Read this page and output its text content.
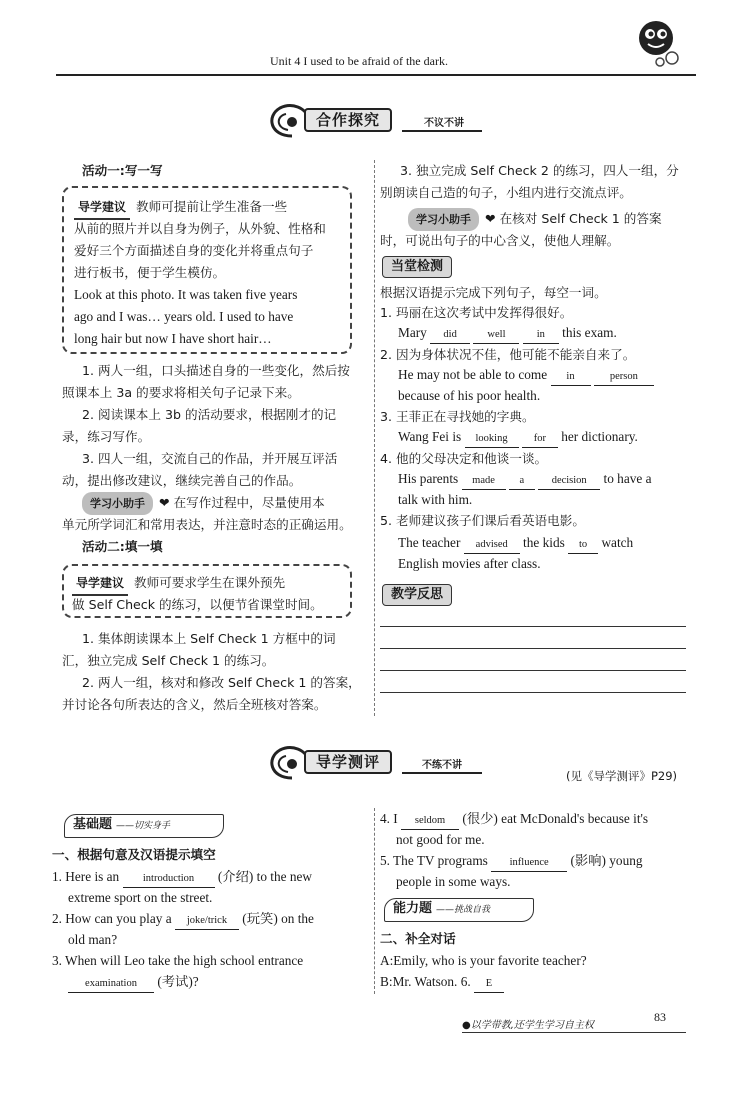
Unit 4 I used to be afraid of the dark.
合作探究	不议不讲
活动一:写一写
导学建议 教师可提前让学生准备一些
从前的照片并以自身为例子，从外貌、性格和
爱好三个方面描述自身的变化并将重点句子
进行板书，便于学生模仿。
Look at this photo. It was taken five years
ago and I was… years old. I used to have
long hair but now I have short hair…
1. 两人一组，口头描述自身的一些变化，然后按
照课本上 3a 的要求将相关句子记录下来。
2. 阅读课本上 3b 的活动要求，根据刚才的记
录，练习写作。
3. 四人一组，交流自己的作品，并开展互评活
动，提出修改建议，继续完善自己的作品。
学习小助手 ❤ 在写作过程中，尽量使用本
单元所学词汇和常用表达，并注意时态的正确运用。
活动二:填一填
导学建议 教师可要求学生在课外预先
做 Self Check 的练习，以便节省课堂时间。
1. 集体朗读课本上 Self Check 1 方框中的词
汇，独立完成 Self Check 1 的练习。
2. 两人一组，核对和修改 Self Check 1 的答案，
并讨论各句所表达的含义，然后全班核对答案。
3. 独立完成 Self Check 2 的练习，四人一组，分
别朗读自己造的句子，小组内进行交流点评。
学习小助手 ❤ 在核对 Self Check 1 的答案
时，可说出句子的中心含义，使他人理解。
当堂检测
根据汉语提示完成下列句子，每空一词。
1. 玛丽在这次考试中发挥得很好。
Mary did	well	in this exam.
2. 因为身体状况不佳，他可能不能亲自来了。
He may not be able to come in	person
because of his poor health.
3. 王菲正在寻找她的字典。
Wang Fei is looking for her dictionary.
4. 他的父母决定和他谈一谈。
His parents made a	decision to have a
talk with him.
5. 老师建议孩子们课后看英语电影。
The teacher advised the kids to watch
English movies after class.
教学反思
导学测评	不练不讲
(见《导学测评》P29)
基础题 ——切实身手
一、根据句意及汉语提示填空
1. Here is an introduction (介绍) to the new
extreme sport on the street.
2. How can you play a joke/trick (玩笑) on the
old man?
3. When will Leo take the high school entrance
examination (考试)?
4. I seldom (很少) eat McDonald's because it's
not good for me.
5. The TV programs influence (影响) young
people in some ways.
能力题 ——挑战自我
二、补全对话
A:Emily, who is your favorite teacher?
B:Mr. Watson. 6. E
●以学带教,还学生学习自主权
83
